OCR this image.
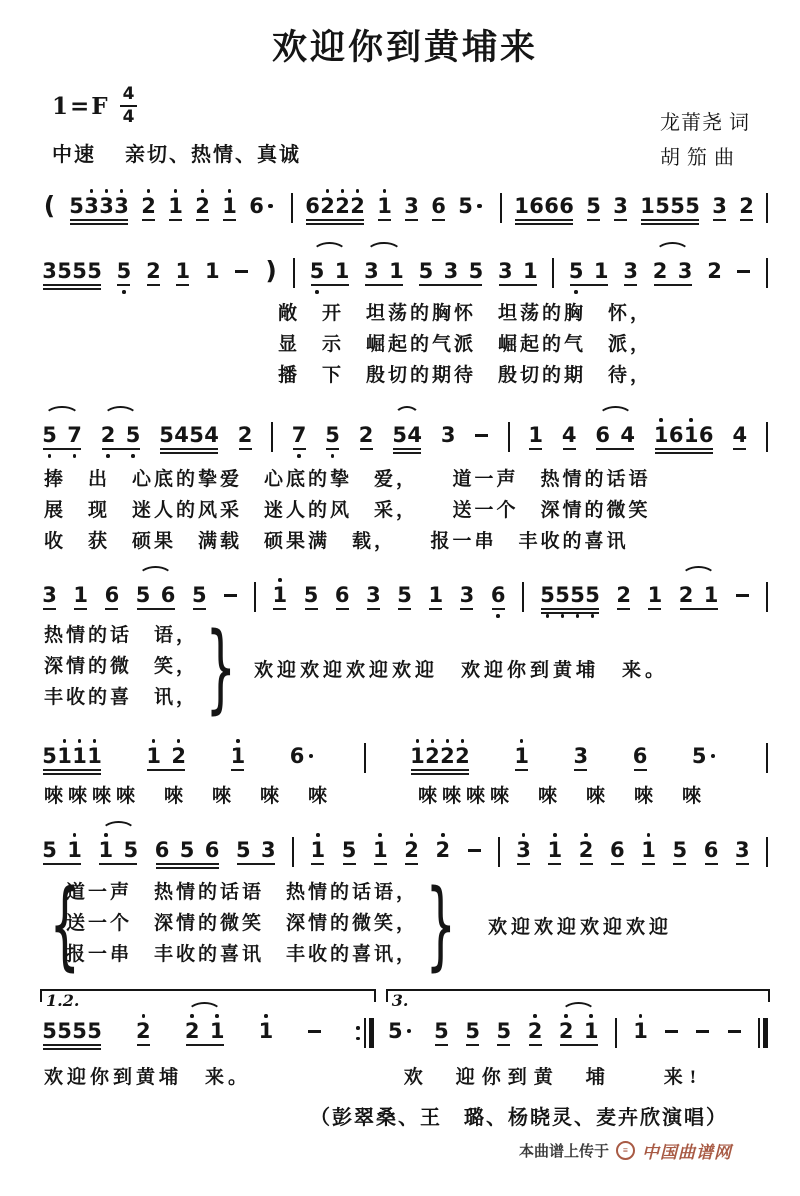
欢迎你到黄埔来
$1=F \frac{4}{4}$
中速 亲切、热情、真诚
龙莆尧 词
胡 笳 曲
( 5 3 3 3 2 1 2 1 6 6 2 2 2 1 3 6 5 1 6 6 6 5 3 1 5 5 5 3 2
3 5 5 5 5 2 1 1 ) 5
1 3
1 5
3
5 3
1 5
1 3 2
3 2
敞　开　坦荡的胸怀　坦荡的胸　怀，
显　示　崛起的气派　崛起的气　派，
播　下　殷切的期待　殷切的期　待，
5
7 2
5 5 4 5 4 2 7 5 2 5 4 3	1 4 6
4 1 6 1 6 4
捧　出　心底的挚爱　心底的挚　爱，　　道一声　热情的话语
展　现　迷人的风采　迷人的风　采，　　送一个　深情的微笑
收　获　硕果　满载　硕果满　载，　　报一串　丰收的喜讯
3 1 6 5
6 5	1 5 6 3 5 1 3 6 5 5 5 5 2 1 2
1
热情的话　语，
深情的微　笑，
丰收的喜　讯， } 欢迎欢迎欢迎欢迎　欢迎你到黄埔　来。
5 1 1 1 1
2 1 6	1 2 2 2 1 3 6 5
唻唻唻唻　唻　唻　唻　唻	唻唻唻唻　唻　唻　唻　唻
5
1 1
5 6
5
6 5
3 1 5 1 2 2	3 1 2 6 1 5 6 3
{
道一声　热情的话语　热情的话语，
送一个　深情的微笑　深情的微笑，
报一串　丰收的喜讯　丰收的喜讯， } 欢迎欢迎欢迎欢迎
1.2.
5 5 5 5 2 2
1 1
欢迎你到黄埔　来。
3.
5 5 5 5 2 2
1 1
欢　迎你到黄　埔　　来!
（彭翠桑、王　璐、杨晓灵、麦卉欣演唱）
本曲谱上传于	≡ 中国曲谱网
